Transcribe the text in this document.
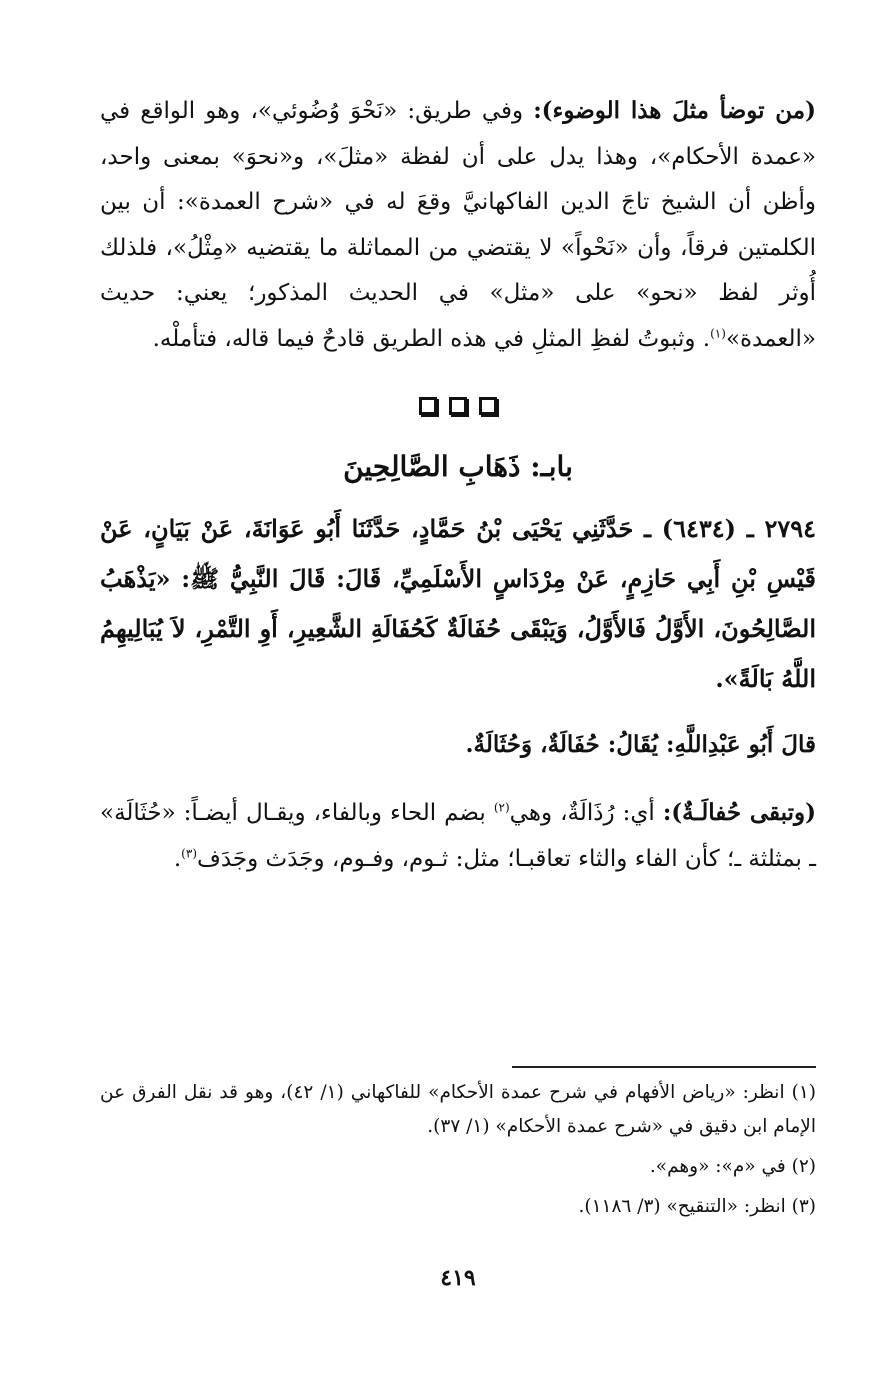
(من توضأ مثلَ هذا الوضوء): وفي طريق: «نَحْوَ وُضُوئي»، وهو الواقع في «عمدة الأحكام»، وهذا يدل على أن لفظة «مثلَ»، و«نحوَ» بمعنى واحد، وأظن أن الشيخ تاجَ الدين الفاكهانيَّ وقعَ له في «شرح العمدة»: أن بين الكلمتين فرقاً، وأن «نَحْواً» لا يقتضي من المماثلة ما يقتضيه «مِثْلُ»، فلذلك أُوثر لفظ «نحو» على «مثل» في الحديث المذكور؛ يعني: حديث «العمدة»$^{(١)}$. وثبوتُ لفظِ المثلِ في هذه الطريق قادحٌ فيما قاله، فتأملْه.

بابـ: ذَهَابِ الصَّالِحِينَ

٢٧٩٤ ـ (٦٤٣٤) ـ حَدَّثَنِي يَحْيَى بْنُ حَمَّادٍ، حَدَّثَنَا أَبُو عَوَانَةَ، عَنْ بَيَانٍ، عَنْ قَيْسِ بْنِ أَبِي حَازِمٍ، عَنْ مِرْدَاسٍ الأَسْلَمِيِّ، قَالَ: قَالَ النَّبِيُّ ﷺ: «يَذْهَبُ الصَّالِحُونَ، الأَوَّلُ فَالأَوَّلُ، وَيَبْقَى حُفَالَةٌ كَحُفَالَةِ الشَّعِيرِ، أَوِ التَّمْرِ، لاَ يُبَالِيهِمُ اللَّهُ بَالَةً».

قالَ أَبُو عَبْدِاللَّهِ: يُقَالُ: حُفَالَةٌ، وَحُثَالَةٌ.

(وتبقى حُفالَـةٌ): أي: رُذَالَةٌ، وهي$^{(٢)}$ بضم الحاء وبالفاء، ويقـال أيضـاً: «حُثَالَة» ـ بمثلثة ـ؛ كأن الفاء والثاء تعاقبـا؛ مثل: ثـوم، وفـوم، وجَدَث وجَدَف$^{(٣)}$.

(١) انظر: «رياض الأفهام في شرح عمدة الأحكام» للفاكهاني (١/ ٤٢)، وهو قد نقل الفرق عن الإمام ابن دقيق في «شرح عمدة الأحكام» (١/ ٣٧).

(٢) في «م»: «وهم».

(٣) انظر: «التنقيح» (٣/ ١١٨٦).

٤١٩
